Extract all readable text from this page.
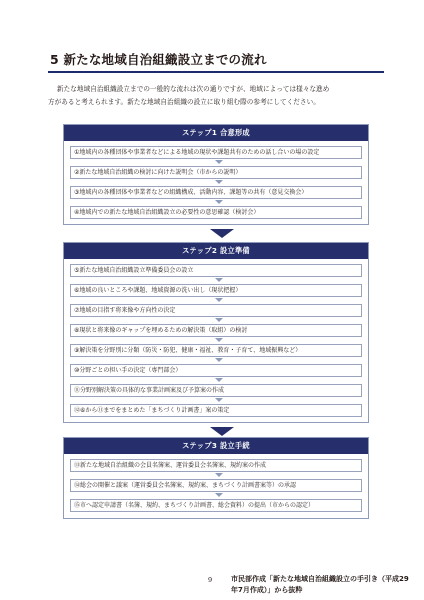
5 新たな地域自治組織設立までの流れ

新たな地域自治組織設立までの一般的な流れは次の通りですが、地域によっては様々な進め

方があると考えられます。新たな地域自治組織の設立に取り組む際の参考にしてください。

ステップ1 合意形成
①地域内の各種団体や事業者などによる地域の現状や課題共有のための話し合いの場の設定
②新たな地域自治組織の検討に向けた説明会（市からの説明）
③地域内の各種団体や事業者などの組織構成、活動内容、課題等の共有（意見交換会）
④地域内での新たな地域自治組織設立の必要性の意思確認（検討会）
ステップ2 設立準備
⑤新たな地域自治組織設立準備委員会の設立
⑥地域の良いところや課題、地域資源の洗い出し（現状把握）
⑦地域の目指す将来像や方向性の決定
⑧現状と将来像のギャップを埋めるための解決策（取組）の検討
⑨解決策を分野別に分類（防災・防犯、健康・福祉、教育・子育て、地域振興など）
⑩分野ごとの担い手の決定（専門部会）
⑪分野別解決策の具体的な事業計画案及び予算案の作成
⑫⑥から⑪までをまとめた「まちづくり計画書」案の策定
ステップ3 設立手続
⑬新たな地域自治組織の会員名簿案、運営委員会名簿案、規約案の作成
⑭総会の開催と議案（運営委員会名簿案、規約案、まちづくり計画書案等）の承認
⑮市へ認定申請書（名簿、規約、まちづくり計画書、総会資料）の提出（市からの認定）
9	市民部作成「新たな地域自治組織設立の手引き（平成29

年7月作成）」から抜粋
